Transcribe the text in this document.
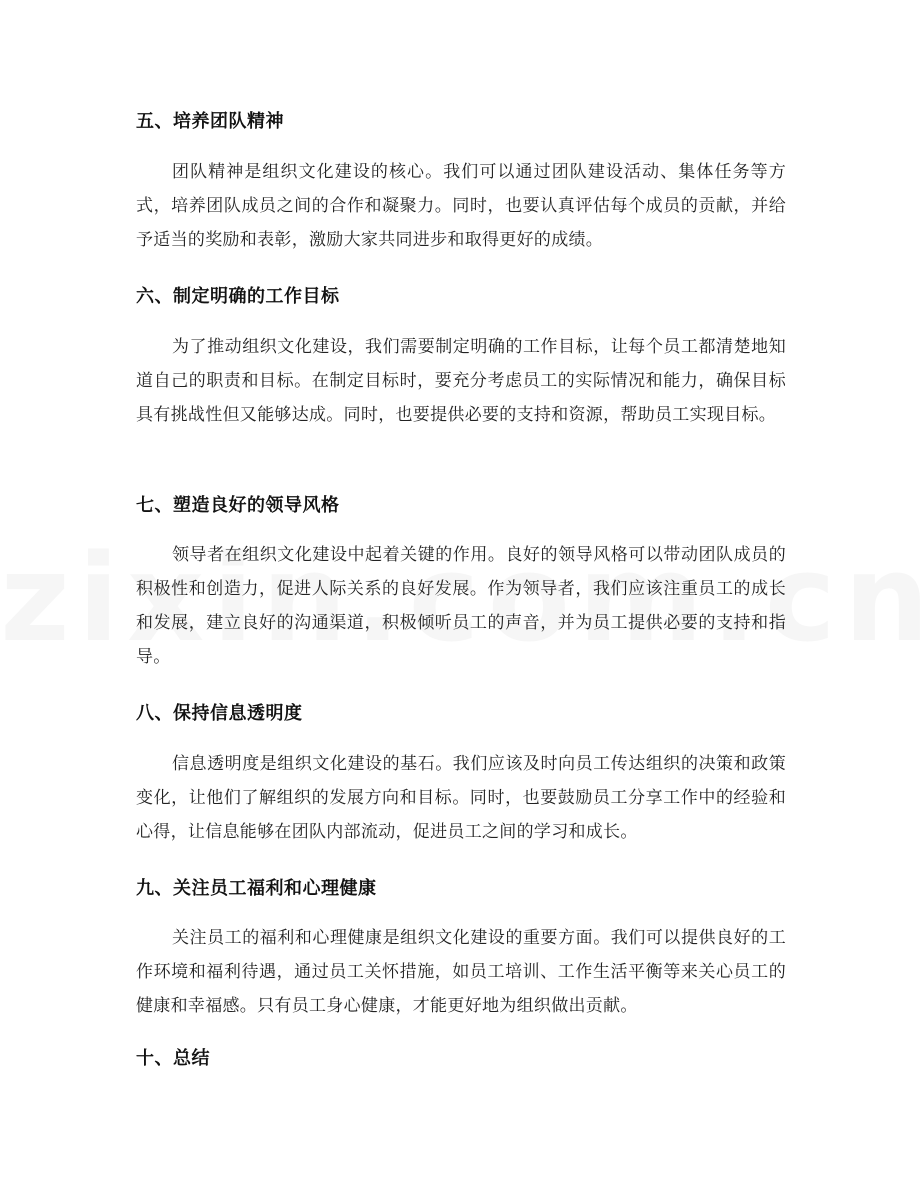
五、培养团队精神
团队精神是组织文化建设的核心。我们可以通过团队建设活动、集体任务等方式，培养团队成员之间的合作和凝聚力。同时，也要认真评估每个成员的贡献，并给予适当的奖励和表彰，激励大家共同进步和取得更好的成绩。
六、制定明确的工作目标
为了推动组织文化建设，我们需要制定明确的工作目标，让每个员工都清楚地知道自己的职责和目标。在制定目标时，要充分考虑员工的实际情况和能力，确保目标具有挑战性但又能够达成。同时，也要提供必要的支持和资源，帮助员工实现目标。
七、塑造良好的领导风格
领导者在组织文化建设中起着关键的作用。良好的领导风格可以带动团队成员的积极性和创造力，促进人际关系的良好发展。作为领导者，我们应该注重员工的成长和发展，建立良好的沟通渠道，积极倾听员工的声音，并为员工提供必要的支持和指导。
八、保持信息透明度
信息透明度是组织文化建设的基石。我们应该及时向员工传达组织的决策和政策变化，让他们了解组织的发展方向和目标。同时，也要鼓励员工分享工作中的经验和心得，让信息能够在团队内部流动，促进员工之间的学习和成长。
九、关注员工福利和心理健康
关注员工的福利和心理健康是组织文化建设的重要方面。我们可以提供良好的工作环境和福利待遇，通过员工关怀措施，如员工培训、工作生活平衡等来关心员工的健康和幸福感。只有员工身心健康，才能更好地为组织做出贡献。
十、总结
